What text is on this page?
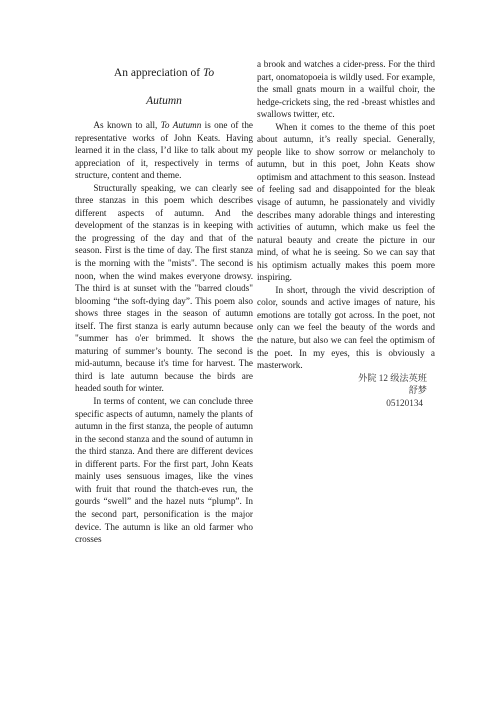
An appreciation of To
Autumn

As known to all, To Autumn is one of the representative works of John Keats. Having learned it in the class, I’d like to talk about my appreciation of it, respectively in terms of structure, content and theme.

Structurally speaking, we can clearly see three stanzas in this poem which describes different aspects of autumn. And the development of the stanzas is in keeping with the progressing of the day and that of the season. First is the time of day. The first stanza is the morning with the "mists". The second is noon, when the wind makes everyone drowsy. The third is at sunset with the "barred clouds" blooming “the soft-dying day”. This poem also shows three stages in the season of autumn itself. The first stanza is early autumn because "summer has o'er brimmed. It shows the maturing of summer’s bounty. The second is mid-autumn, because it's time for harvest. The third is late autumn because the birds are headed south for winter.

In terms of content, we can conclude three specific aspects of autumn, namely the plants of autumn in the first stanza, the people of autumn in the second stanza and the sound of autumn in the third stanza. And there are different devices in different parts. For the first part, John Keats mainly uses sensuous images, like the vines with fruit that round the thatch-eves run, the gourds “swell” and the hazel nuts “plump”. In the second part, personification is the major device. The autumn is like an old farmer who crosses

a brook and watches a cider-press. For the third part, onomatopoeia is wildly used. For example, the small gnats mourn in a wailful choir, the hedge-crickets sing, the red -breast whistles and swallows twitter, etc.

When it comes to the theme of this poet about autumn, it’s really special. Generally, people like to show sorrow or melancholy to autumn, but in this poet, John Keats show optimism and attachment to this season. Instead of feeling sad and disappointed for the bleak visage of autumn, he passionately and vividly describes many adorable things and interesting activities of autumn, which make us feel the natural beauty and create the picture in our mind, of what he is seeing. So we can say that his optimism actually makes this poem more inspiring.

In short, through the vivid description of color, sounds and active images of nature, his emotions are totally got across. In the poet, not only can we feel the beauty of the words and the nature, but also we can feel the optimism of the poet. In my eyes, this is obviously a masterwork.

外院 12 级法英班
舒梦
05120134
